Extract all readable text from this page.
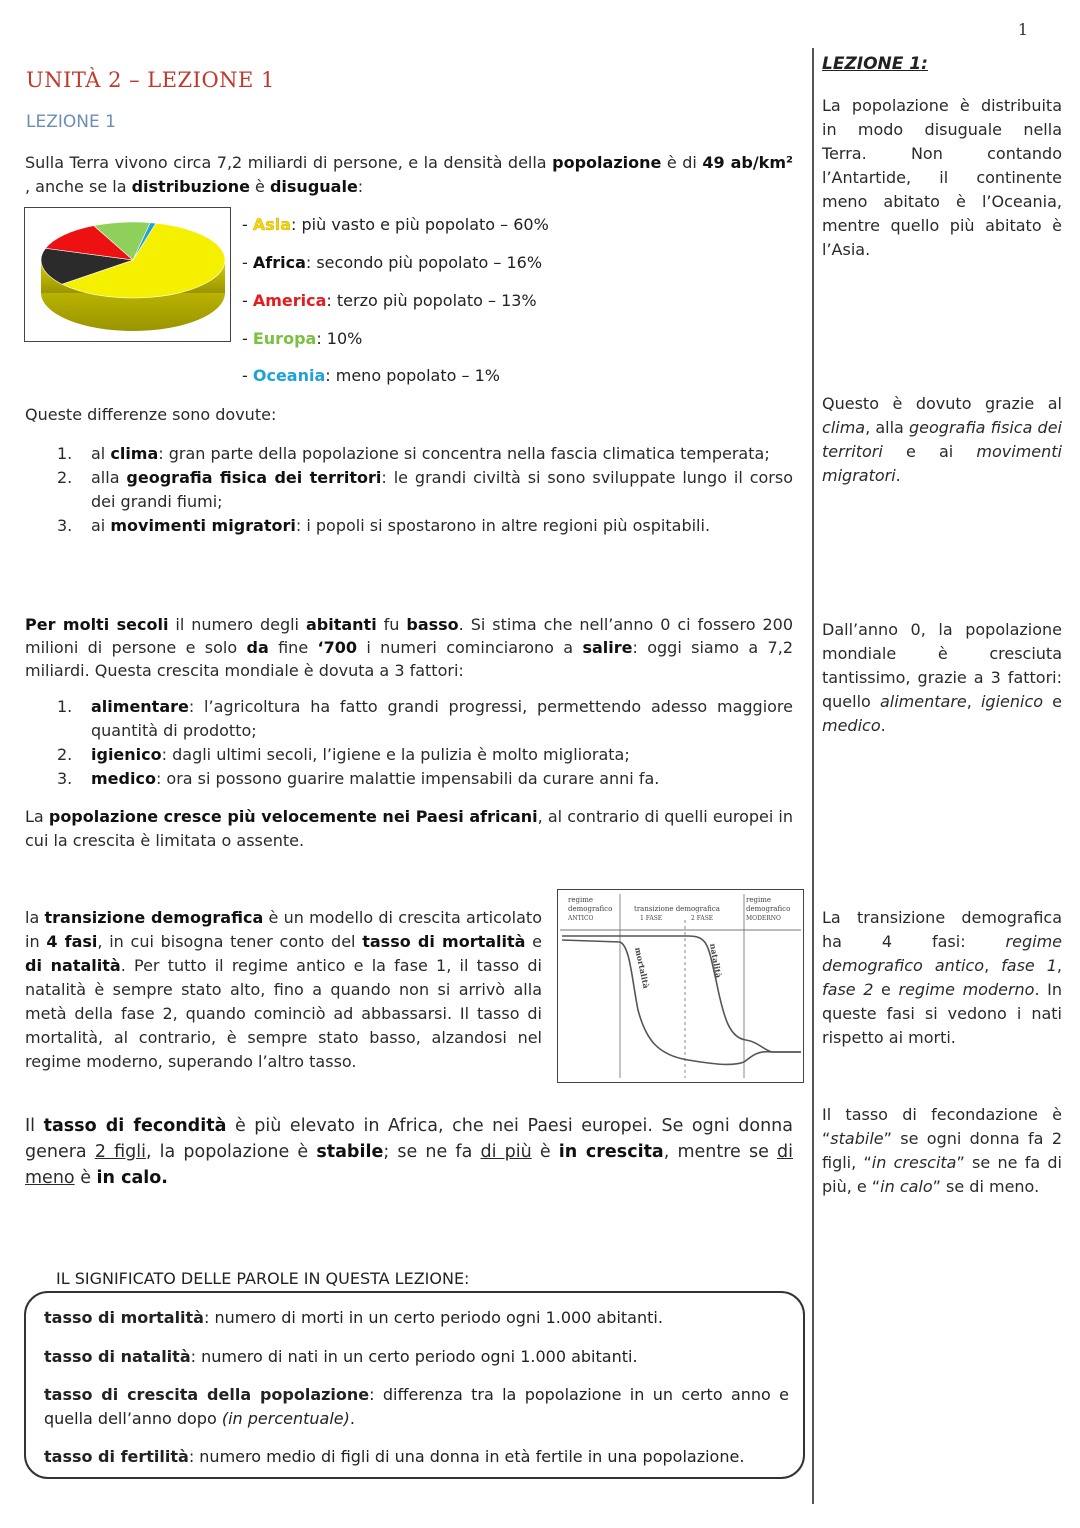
1
UNITÀ 2 – LEZIONE 1
LEZIONE 1
Sulla Terra vivono circa 7,2 miliardi di persone, e la densità della popolazione è di 49 ab/km² , anche se la distribuzione è disuguale:
- Asia: più vasto e più popolato – 60%
- Africa: secondo più popolato – 16%
- America: terzo più popolato – 13%
- Europa: 10%
- Oceania: meno popolato – 1%
Queste differenze sono dovute:
1. al clima: gran parte della popolazione si concentra nella fascia climatica temperata;
2. alla geografia fisica dei territori: le grandi civiltà si sono sviluppate lungo il corso dei grandi fiumi;
3. ai movimenti migratori: i popoli si spostarono in altre regioni più ospitabili.
Per molti secoli il numero degli abitanti fu basso. Si stima che nell’anno 0 ci fossero 200 milioni di persone e solo da fine ‘700 i numeri cominciarono a salire: oggi siamo a 7,2 miliardi. Questa crescita mondiale è dovuta a 3 fattori:
1. alimentare: l’agricoltura ha fatto grandi progressi, permettendo adesso maggiore quantità di prodotto;
2. igienico: dagli ultimi secoli, l’igiene e la pulizia è molto migliorata;
3. medico: ora si possono guarire malattie impensabili da curare anni fa.
La popolazione cresce più velocemente nei Paesi africani, al contrario di quelli europei in cui la crescita è limitata o assente.
la transizione demografica è un modello di crescita articolato in 4 fasi, in cui bisogna tener conto del tasso di mortalità e di natalità. Per tutto il regime antico e la fase 1, il tasso di natalità è sempre stato alto, fino a quando non si arrivò alla metà della fase 2, quando cominciò ad abbassarsi. Il tasso di mortalità, al contrario, è sempre stato basso, alzandosi nel regime moderno, superando l’altro tasso.
regime
demografico
ANTICO
transizione demografica
1 FASE	2 FASE
regime
demografico
MODERNO
mortalità	natalità
Il tasso di fecondità è più elevato in Africa, che nei Paesi europei. Se ogni donna genera 2 figli, la popolazione è stabile; se ne fa di più è in crescita, mentre se di meno è in calo.
IL SIGNIFICATO DELLE PAROLE IN QUESTA LEZIONE:
tasso di mortalità: numero di morti in un certo periodo ogni 1.000 abitanti.
tasso di natalità: numero di nati in un certo periodo ogni 1.000 abitanti.
tasso di crescita della popolazione: differenza tra la popolazione in un certo anno e quella dell’anno dopo (in percentuale).
tasso di fertilità: numero medio di figli di una donna in età fertile in una popolazione.
LEZIONE 1:
La popolazione è distribuita in modo disuguale nella Terra. Non contando l’Antartide, il continente meno abitato è l’Oceania, mentre quello più abitato è l’Asia.
Questo è dovuto grazie al clima, alla geografia fisica dei territori e ai movimenti migratori.
Dall’anno 0, la popolazione mondiale è cresciuta tantissimo, grazie a 3 fattori: quello alimentare, igienico e medico.
La transizione demografica ha 4 fasi: regime demografico antico, fase 1, fase 2 e regime moderno. In queste fasi si vedono i nati rispetto ai morti.
Il tasso di fecondazione è “stabile” se ogni donna fa 2 figli, “in crescita” se ne fa di più, e “in calo” se di meno.
